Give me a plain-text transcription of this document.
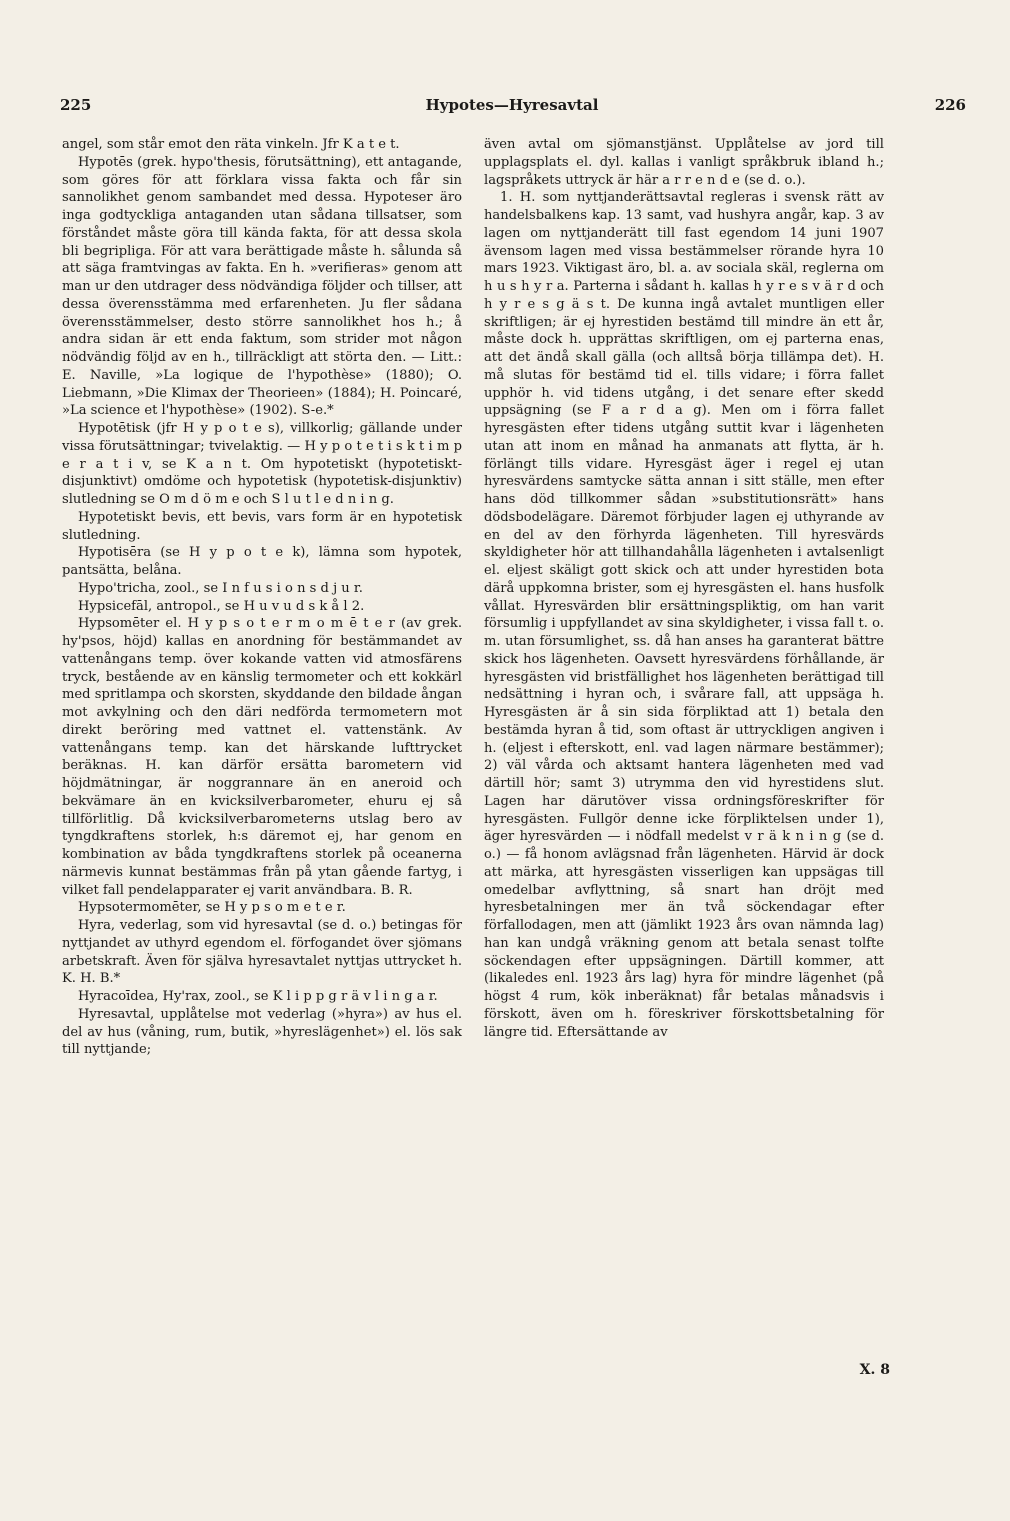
225	Hypotes—Hyresavtal	226

angel, som står emot den räta vinkeln. Jfr K a t e t.

Hypotēs (grek. hypo'thesis, förutsättning), ett antagande, som göres för att förklara vissa fakta och får sin sannolikhet genom sambandet med dessa. Hypoteser äro inga godtyckliga antaganden utan sådana tillsatser, som förståndet måste göra till kända fakta, för att dessa skola bli begripliga. För att vara berättigade måste h. sålunda så att säga framtvingas av fakta. En h. »verifieras» genom att man ur den utdrager dess nödvändiga följder och tillser, att dessa överensstämma med erfarenheten. Ju fler sådana överensstämmelser, desto större sannolikhet hos h.; å andra sidan är ett enda faktum, som strider mot någon nödvändig följd av en h., tillräckligt att störta den. — Litt.: E. Naville, »La logique de l'hypothèse» (1880); O. Liebmann, »Die Klimax der Theorieen» (1884); H. Poincaré, »La science et l'hypothèse» (1902). S-e.*

Hypotētisk (jfr H y p o t e s), villkorlig; gällande under vissa förutsättningar; tvivelaktig. — H y p o t e t i s k t i m p e r a t i v, se K a n t. Om hypotetiskt (hypotetiskt-disjunktivt) omdöme och hypotetisk (hypotetisk-disjunktiv) slutledning se O m d ö m e och S l u t l e d n i n g.

Hypotetiskt bevis, ett bevis, vars form är en hypotetisk slutledning.

Hypotisēra (se H y p o t e k), lämna som hypotek, pantsätta, belåna.

Hypo'tricha, zool., se I n f u s i o n s d j u r.

Hypsicefāl, antropol., se H u v u d s k å l 2.

Hypsomēter el. H y p s o t e r m o m ē t e r (av grek. hy'psos, höjd) kallas en anordning för bestämmandet av vattenångans temp. över kokande vatten vid atmosfärens tryck, bestående av en känslig termometer och ett kokkärl med spritlampa och skorsten, skyddande den bildade ångan mot avkylning och den däri nedförda termometern mot direkt beröring med vattnet el. vattenstänk. Av vattenångans temp. kan det härskande lufttrycket beräknas. H. kan därför ersätta barometern vid höjdmätningar, är noggrannare än en aneroid och bekvämare än en kvicksilverbarometer, ehuru ej så tillförlitlig. Då kvicksilverbarometerns utslag bero av tyngdkraftens storlek, h:s däremot ej, har genom en kombination av båda tyngdkraftens storlek på oceanerna närmevis kunnat bestämmas från på ytan gående fartyg, i vilket fall pendelapparater ej varit användbara. B. R.

Hypsotermomēter, se H y p s o m e t e r.

Hyra, vederlag, som vid hyresavtal (se d. o.) betingas för nyttjandet av uthyrd egendom el. förfogandet över sjömans arbetskraft. Även för själva hyresavtalet nyttjas uttrycket h. K. H. B.*

Hyracoīdea, Hy'rax, zool., se K l i p p g r ä v l i n g a r.

Hyresavtal, upplåtelse mot vederlag (»hyra») av hus el. del av hus (våning, rum, butik, »hyreslägenhet») el. lös sak till nyttjande;

även avtal om sjömanstjänst. Upplåtelse av jord till upplagsplats el. dyl. kallas i vanligt språkbruk ibland h.; lagspråkets uttryck är här a r r e n d e (se d. o.).

1. H. som nyttjanderättsavtal regleras i svensk rätt av handelsbalkens kap. 13 samt, vad hushyra angår, kap. 3 av lagen om nyttjanderätt till fast egendom 14 juni 1907 ävensom lagen med vissa bestämmelser rörande hyra 10 mars 1923. Viktigast äro, bl. a. av sociala skäl, reglerna om h u s h y r a. Parterna i sådant h. kallas h y r e s v ä r d och h y r e s g ä s t. De kunna ingå avtalet muntligen eller skriftligen; är ej hyrestiden bestämd till mindre än ett år, måste dock h. upprättas skriftligen, om ej parterna enas, att det ändå skall gälla (och alltså börja tillämpa det). H. må slutas för bestämd tid el. tills vidare; i förra fallet upphör h. vid tidens utgång, i det senare efter skedd uppsägning (se F a r d a g). Men om i förra fallet hyresgästen efter tidens utgång suttit kvar i lägenheten utan att inom en månad ha anmanats att flytta, är h. förlängt tills vidare. Hyresgäst äger i regel ej utan hyresvärdens samtycke sätta annan i sitt ställe, men efter hans död tillkommer sådan »substitutionsrätt» hans dödsbodelägare. Däremot förbjuder lagen ej uthyrande av en del av den förhyrda lägenheten. Till hyresvärds skyldigheter hör att tillhandahålla lägenheten i avtalsenligt el. eljest skäligt gott skick och att under hyrestiden bota därå uppkomna brister, som ej hyresgästen el. hans husfolk vållat. Hyresvärden blir ersättningspliktig, om han varit försumlig i uppfyllandet av sina skyldigheter, i vissa fall t. o. m. utan försumlighet, ss. då han anses ha garanterat bättre skick hos lägenheten. Oavsett hyresvärdens förhållande, är hyresgästen vid bristfällighet hos lägenheten berättigad till nedsättning i hyran och, i svårare fall, att uppsäga h. Hyresgästen är å sin sida förpliktad att 1) betala den bestämda hyran å tid, som oftast är uttryckligen angiven i h. (eljest i efterskott, enl. vad lagen närmare bestämmer); 2) väl vårda och aktsamt hantera lägenheten med vad därtill hör; samt 3) utrymma den vid hyrestidens slut. Lagen har därutöver vissa ordningsföreskrifter för hyresgästen. Fullgör denne icke förpliktelsen under 1), äger hyresvärden — i nödfall medelst v r ä k n i n g (se d. o.) — få honom avlägsnad från lägenheten. Härvid är dock att märka, att hyresgästen visserligen kan uppsägas till omedelbar avflyttning, så snart han dröjt med hyresbetalningen mer än två söckendagar efter förfallodagen, men att (jämlikt 1923 års ovan nämnda lag) han kan undgå vräkning genom att betala senast tolfte söckendagen efter uppsägningen. Därtill kommer, att (likaledes enl. 1923 års lag) hyra för mindre lägenhet (på högst 4 rum, kök inberäknat) får betalas månadsvis i förskott, även om h. föreskriver förskottsbetalning för längre tid. Eftersättande av

X. 8
